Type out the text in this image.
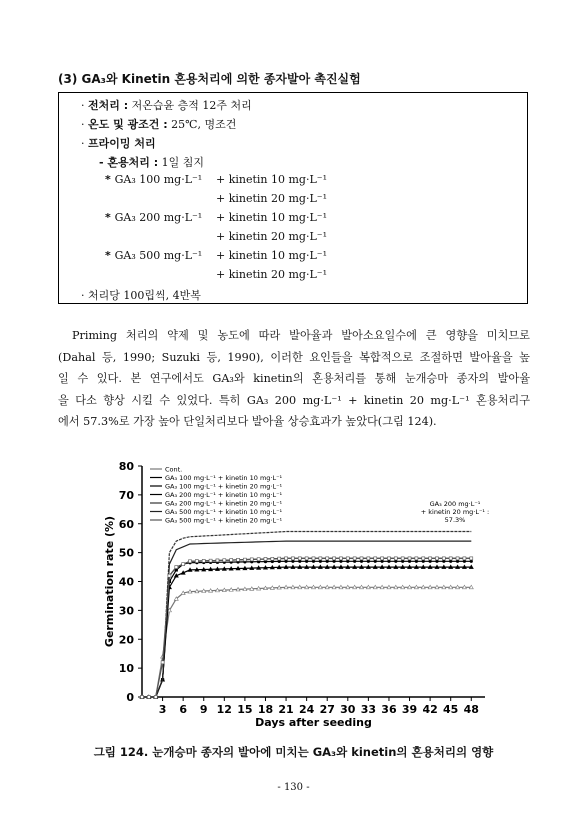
(3) GA₃와 Kinetin 혼용처리에 의한 종자발아 촉진실험
· 전처리 : 저온습윤 층적 12주 처리
· 온도 및 광조건 : 25℃, 명조건
· 프라이밍 처리
- 혼용처리 : 1일 침지
* GA₃ 100 mg·L⁻¹ + kinetin 10 mg·L⁻¹
+ kinetin 20 mg·L⁻¹
* GA₃ 200 mg·L⁻¹ + kinetin 10 mg·L⁻¹
+ kinetin 20 mg·L⁻¹
* GA₃ 500 mg·L⁻¹ + kinetin 10 mg·L⁻¹
+ kinetin 20 mg·L⁻¹
· 처리당 100립씩, 4반복

Priming 처리의 약제 및 농도에 따라 발아율과 발아소요일수에 큰 영향을 미치므로

(Dahal 등, 1990; Suzuki 등, 1990), 이러한 요인들을 복합적으로 조절하면 발아율을 높

일 수 있다. 본 연구에서도 GA₃와 kinetin의 혼용처리를 통해 눈개승마 종자의 발아율

을 다소 향상 시킬 수 있었다. 특히 GA₃ 200 mg·L⁻¹ + kinetin 20 mg·L⁻¹ 혼용처리구

에서 57.3%로 가장 높아 단일처리보다 발아율 상승효과가 높았다(그림 124).

0
10
20
30
40
50
60
70
80
3 6 9 12 15 18 21 24 27 30 33 36 39 42 45 48
Days after seeding
Germination rate (%)
Cont.
GA₃ 100 mg·L⁻¹ + kinetin 10 mg·L⁻¹
GA₃ 100 mg·L⁻¹ + kinetin 20 mg·L⁻¹
GA₃ 200 mg·L⁻¹ + kinetin 10 mg·L⁻¹
GA₃ 200 mg·L⁻¹ + kinetin 20 mg·L⁻¹
GA₃ 500 mg·L⁻¹ + kinetin 10 mg·L⁻¹
GA₃ 500 mg·L⁻¹ + kinetin 20 mg·L⁻¹
GA₃ 200 mg·L⁻¹
+ kinetin 20 mg·L⁻¹ :
57.3%
그림 124. 눈개승마 종자의 발아에 미치는 GA₃와 kinetin의 혼용처리의 영향
- 130 -
